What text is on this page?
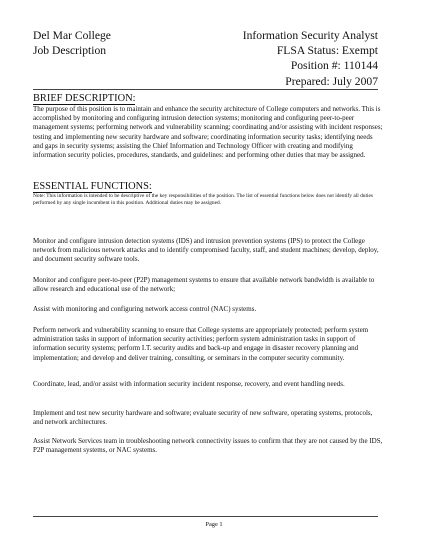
Del Mar College
Job Description
Information Security Analyst
FLSA Status: Exempt
Position #: 110144
Prepared: July 2007
BRIEF DESCRIPTION:
The purpose of this position is to maintain and enhance the security architecture of College computers and networks. This is accomplished by monitoring and configuring intrusion detection systems; monitoring and configuring peer-to-peer management systems; performing network and vulnerability scanning; coordinating and/or assisting with incident responses; testing and implementing new security hardware and software; coordinating information security tasks; identifying needs and gaps in security systems; assisting the Chief Information and Technology Officer with creating and modifying information security policies, procedures, standards, and guidelines: and performing other duties that may be assigned.
ESSENTIAL FUNCTIONS:
Note: This information is intended to be descriptive of the key responsibilities of the position. The list of essential functions below does not identify all duties performed by any single incumbent in this position. Additional duties may be assigned.
Monitor and configure intrusion detection systems (IDS) and intrusion prevention systems (IPS) to protect the College network from malicious network attacks and to identify compromised faculty, staff, and student machines; develop, deploy, and document security software tools.
Monitor and configure peer-to-peer (P2P) management systems to ensure that available network bandwidth is available to allow research and educational use of the network;
Assist with monitoring and configuring network access control (NAC) systems.
Perform network and vulnerability scanning to ensure that College systems are appropriately protected; perform system administration tasks in support of information security activities; perform system administration tasks in support of information security systems; perform I.T. security audits and back-up and engage in disaster recovery planning and implementation; and develop and deliver training, consulting, or seminars in the computer security community.
Coordinate, lead, and/or assist with information security incident response, recovery, and event handling needs.
Implement and test new security hardware and software; evaluate security of new software, operating systems, protocols, and network architectures.
Assist Network Services team in troubleshooting network connectivity issues to confirm that they are not caused by the IDS, P2P management systems, or NAC systems.
Page 1
